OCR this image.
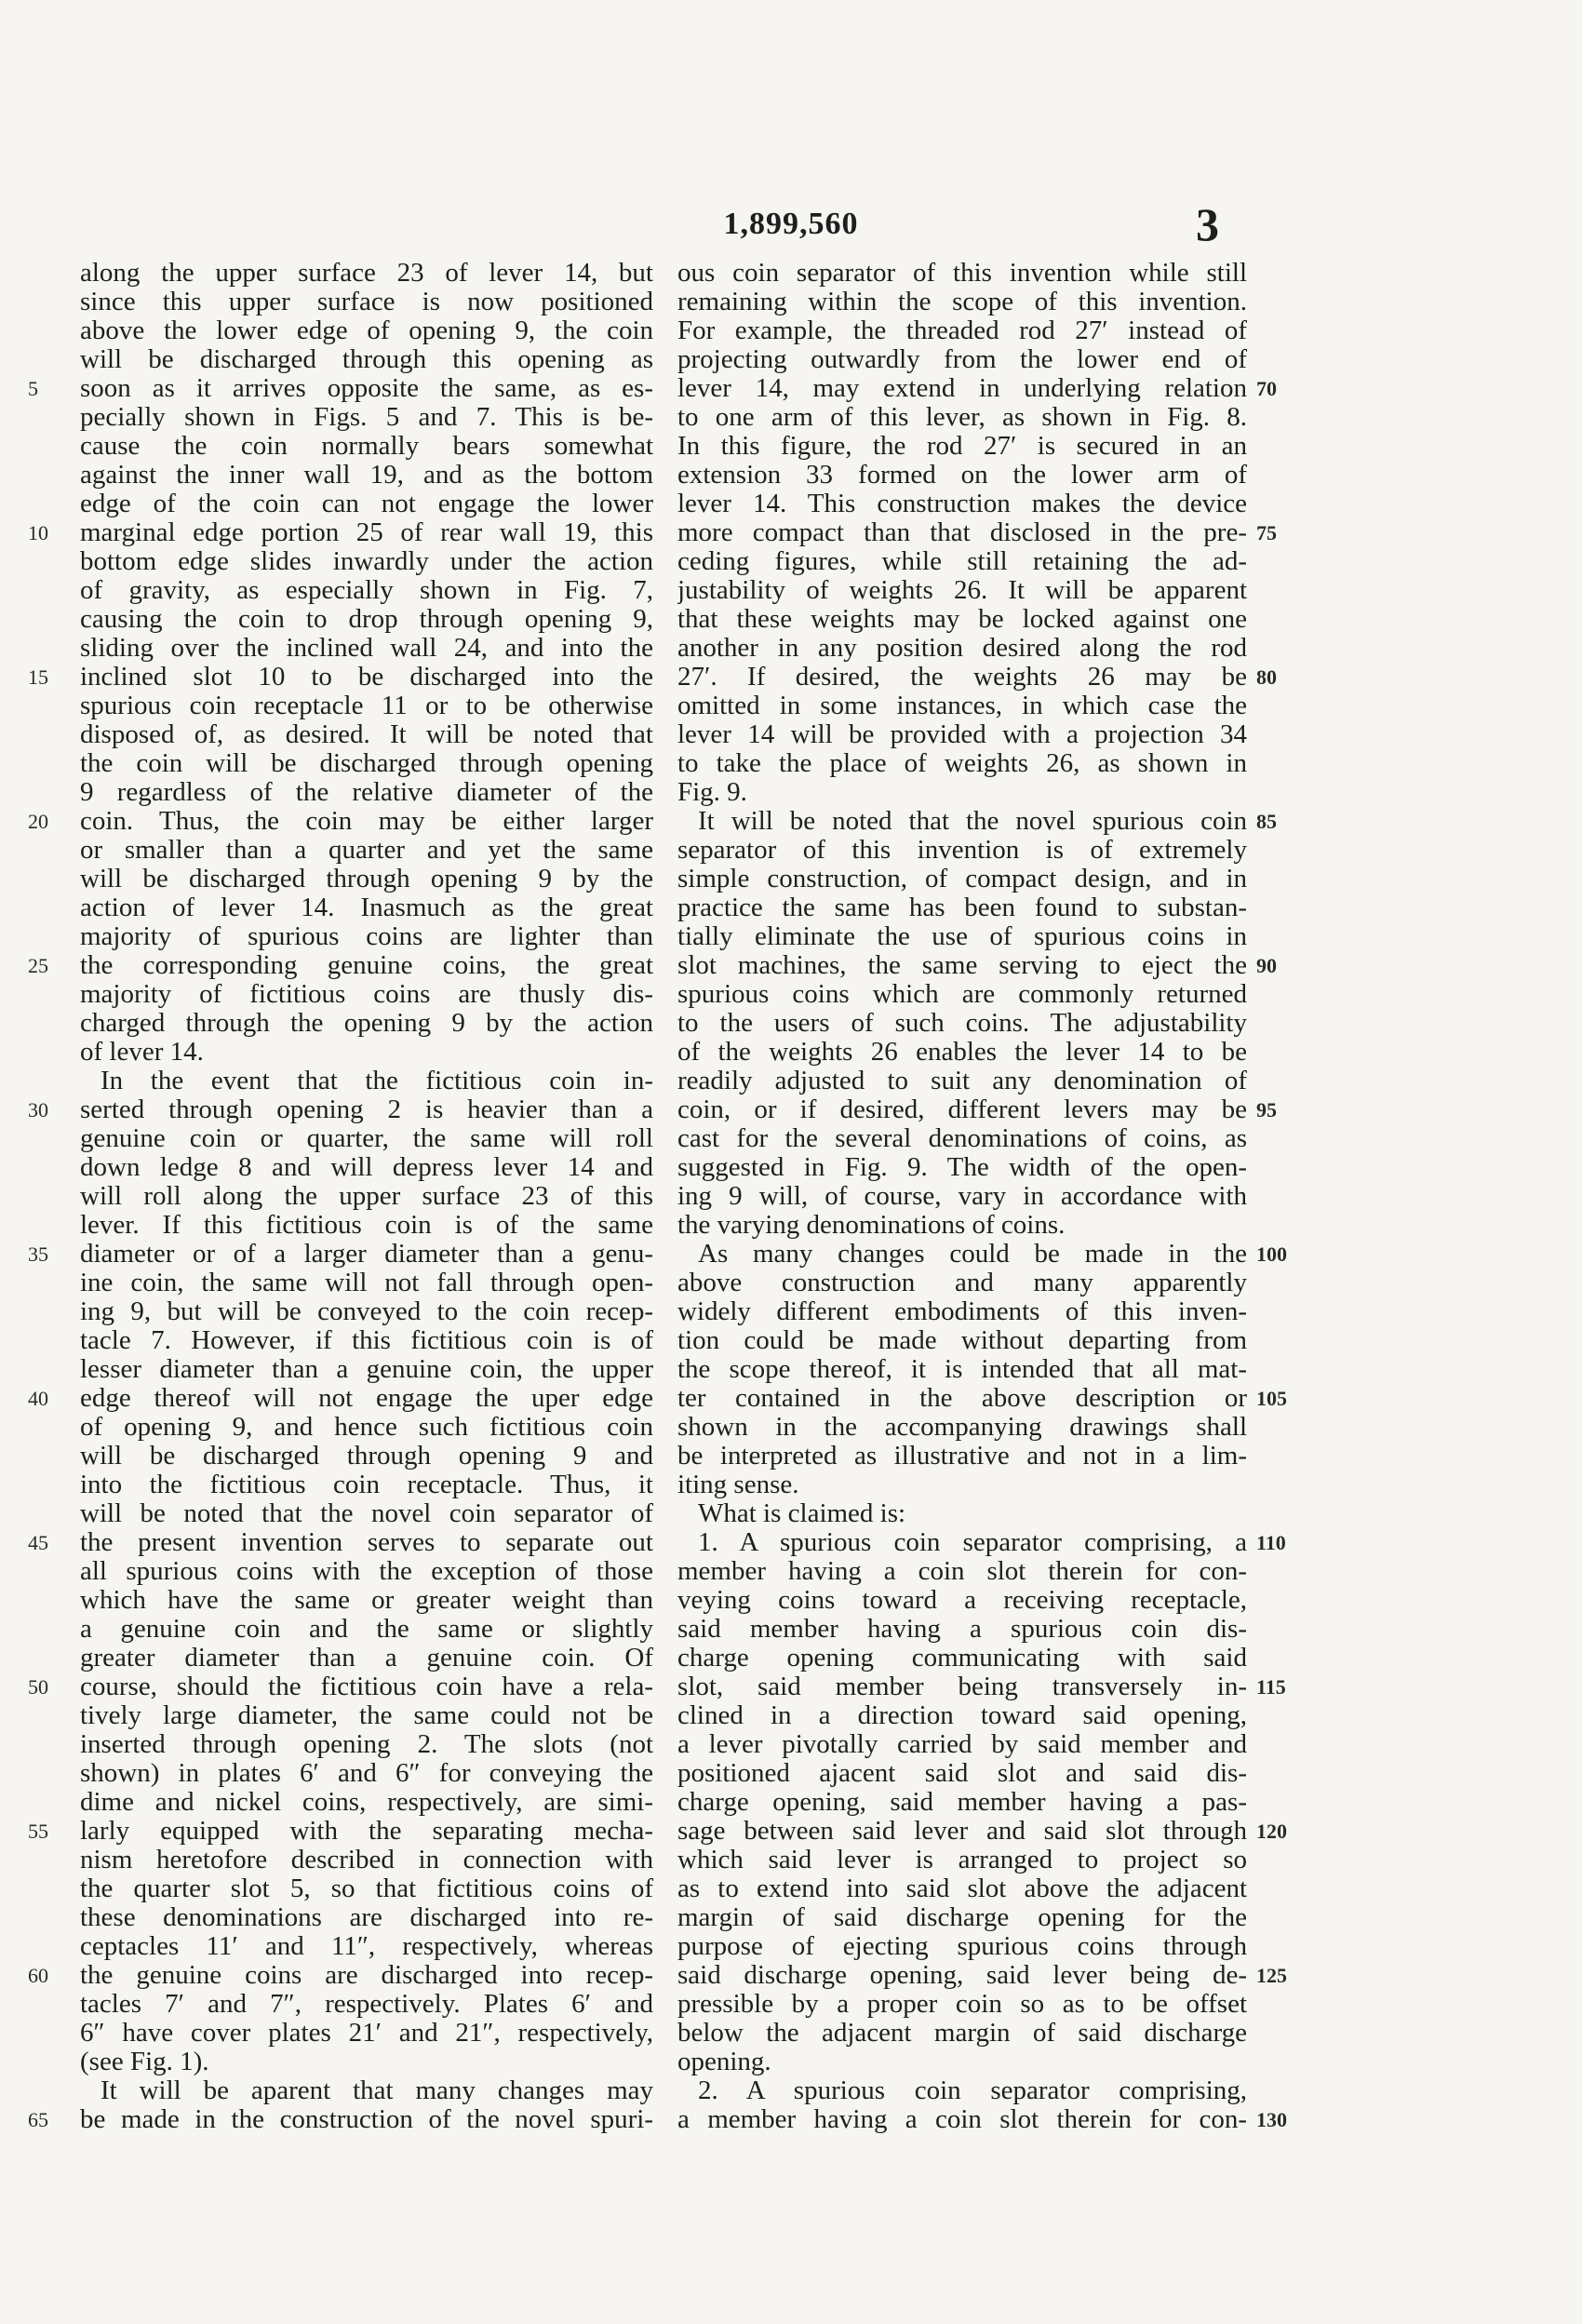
1,899,560	3
along the upper surface 23 of lever 14, but
since this upper surface is now positioned
above the lower edge of opening 9, the coin
will be discharged through this opening as
soon as it arrives opposite the same, as es-
pecially shown in Figs. 5 and 7. This is be-
cause the coin normally bears somewhat
against the inner wall 19, and as the bottom
edge of the coin can not engage the lower
marginal edge portion 25 of rear wall 19, this
bottom edge slides inwardly under the action
of gravity, as especially shown in Fig. 7,
causing the coin to drop through opening 9,
sliding over the inclined wall 24, and into the
inclined slot 10 to be discharged into the
spurious coin receptacle 11 or to be otherwise
disposed of, as desired. It will be noted that
the coin will be discharged through opening
9 regardless of the relative diameter of the
coin. Thus, the coin may be either larger
or smaller than a quarter and yet the same
will be discharged through opening 9 by the
action of lever 14. Inasmuch as the great
majority of spurious coins are lighter than
the corresponding genuine coins, the great
majority of fictitious coins are thusly dis-
charged through the opening 9 by the action
of lever 14.
In the event that the fictitious coin in-
serted through opening 2 is heavier than a
genuine coin or quarter, the same will roll
down ledge 8 and will depress lever 14 and
will roll along the upper surface 23 of this
lever. If this fictitious coin is of the same
diameter or of a larger diameter than a genu-
ine coin, the same will not fall through open-
ing 9, but will be conveyed to the coin recep-
tacle 7. However, if this fictitious coin is of
lesser diameter than a genuine coin, the upper
edge thereof will not engage the uper edge
of opening 9, and hence such fictitious coin
will be discharged through opening 9 and
into the fictitious coin receptacle. Thus, it
will be noted that the novel coin separator of
the present invention serves to separate out
all spurious coins with the exception of those
which have the same or greater weight than
a genuine coin and the same or slightly
greater diameter than a genuine coin. Of
course, should the fictitious coin have a rela-
tively large diameter, the same could not be
inserted through opening 2. The slots (not
shown) in plates 6′ and 6″ for conveying the
dime and nickel coins, respectively, are simi-
larly equipped with the separating mecha-
nism heretofore described in connection with
the quarter slot 5, so that fictitious coins of
these denominations are discharged into re-
ceptacles 11′ and 11″, respectively, whereas
the genuine coins are discharged into recep-
tacles 7′ and 7″, respectively. Plates 6′ and
6″ have cover plates 21′ and 21″, respectively,
(see Fig. 1).
It will be aparent that many changes may
be made in the construction of the novel spuri-
ous coin separator of this invention while still
remaining within the scope of this invention.
For example, the threaded rod 27′ instead of
projecting outwardly from the lower end of
lever 14, may extend in underlying relation
to one arm of this lever, as shown in Fig. 8.
In this figure, the rod 27′ is secured in an
extension 33 formed on the lower arm of
lever 14. This construction makes the device
more compact than that disclosed in the pre-
ceding figures, while still retaining the ad-
justability of weights 26. It will be apparent
that these weights may be locked against one
another in any position desired along the rod
27′. If desired, the weights 26 may be
omitted in some instances, in which case the
lever 14 will be provided with a projection 34
to take the place of weights 26, as shown in
Fig. 9.
It will be noted that the novel spurious coin
separator of this invention is of extremely
simple construction, of compact design, and in
practice the same has been found to substan-
tially eliminate the use of spurious coins in
slot machines, the same serving to eject the
spurious coins which are commonly returned
to the users of such coins. The adjustability
of the weights 26 enables the lever 14 to be
readily adjusted to suit any denomination of
coin, or if desired, different levers may be
cast for the several denominations of coins, as
suggested in Fig. 9. The width of the open-
ing 9 will, of course, vary in accordance with
the varying denominations of coins.
As many changes could be made in the
above construction and many apparently
widely different embodiments of this inven-
tion could be made without departing from
the scope thereof, it is intended that all mat-
ter contained in the above description or
shown in the accompanying drawings shall
be interpreted as illustrative and not in a lim-
iting sense.
What is claimed is:
1. A spurious coin separator comprising, a
member having a coin slot therein for con-
veying coins toward a receiving receptacle,
said member having a spurious coin dis-
charge opening communicating with said
slot, said member being transversely in-
clined in a direction toward said opening,
a lever pivotally carried by said member and
positioned ajacent said slot and said dis-
charge opening, said member having a pas-
sage between said lever and said slot through
which said lever is arranged to project so
as to extend into said slot above the adjacent
margin of said discharge opening for the
purpose of ejecting spurious coins through
said discharge opening, said lever being de-
pressible by a proper coin so as to be offset
below the adjacent margin of said discharge
opening.
2. A spurious coin separator comprising,
a member having a coin slot therein for con-
5
10
15
20
25
30
35
40
45
50
55
60
65
70
75
80
85
90
95
100
105
110
115
120
125
130
